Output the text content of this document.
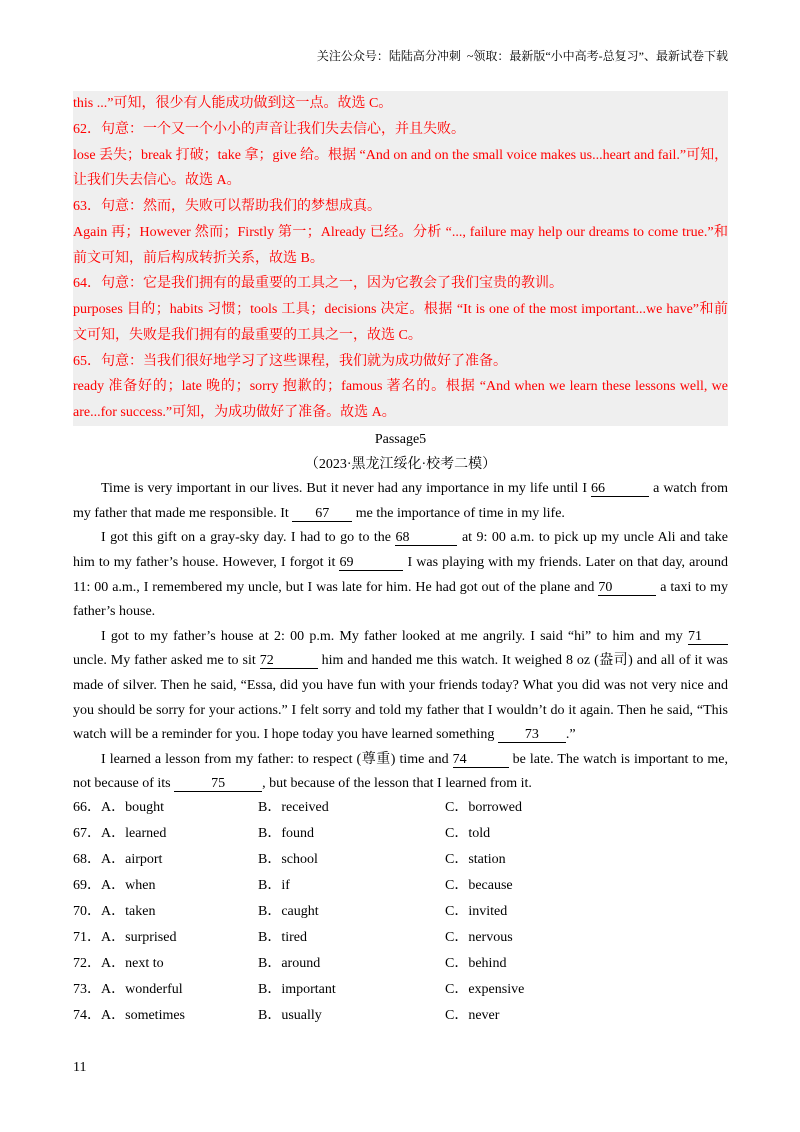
关注公众号：陆陆高分冲刺  ~领取：最新版“小中高考-总复习”、最新试卷下载
this ...”可知，很少有人能成功做到这一点。故选 C。
62．句意：一个又一个小小的声音让我们失去信心，并且失败。
lose 丢失；break 打破；take 拿；give 给。根据 “And on and on the small voice makes us...heart and fail.”可知，
让我们失去信心。故选 A。
63．句意：然而，失败可以帮助我们的梦想成真。
Again 再；However 然而；Firstly 第一；Already 已经。分析 “..., failure may help our dreams to come true.”和
前文可知，前后构成转折关系，故选 B。
64．句意：它是我们拥有的最重要的工具之一，因为它教会了我们宝贵的教训。
purposes 目的；habits 习惯；tools 工具；decisions 决定。根据 “It is one of the most important...we have”和前
文可知，失败是我们拥有的最重要的工具之一，故选 C。
65．句意：当我们很好地学习了这些课程，我们就为成功做好了准备。
ready 准备好的；late 晚的；sorry 抱歉的；famous 著名的。根据 “And when we learn these lessons well, we
are...for success.”可知，为成功做好了准备。故选 A。
Passage5
（2023·黑龙江绥化·校考二模）
Time is very important in our lives. But it never had any importance in my life until I 66	a watch from
my father that made me responsible. It 67 me the importance of time in my life.
I got this gift on a gray-sky day. I had to go to the 68	at 9: 00 a.m. to pick up my uncle Ali and take
him to my father’s house. However, I forgot it 69	I was playing with my friends. Later on that day, around
11: 00 a.m., I remembered my uncle, but I was late for him. He had got out of the plane and 70	a taxi to my
father’s house.
I got to my father’s house at 2: 00 p.m. My father looked at me angrily. I said “hi” to him and my 71
uncle. My father asked me to sit 72	him and handed me this watch. It weighed 8 oz (盎司) and all of it was
made of silver. Then he said, “Essa, did you have fun with your friends today? What you did was not very nice and
you should be sorry for your actions.” I felt sorry and told my father that I wouldn’t do it again. Then he said, “This
watch will be a reminder for you. I hope today you have learned something 73 .”
I learned a lesson from my father: to respect (尊重) time and 74	be late. The watch is important to me,
not because of its	75	, but because of the lesson that I learned from it.
66． A．bought	B．received	C．borrowed
67． A．learned	B．found	C．told
68． A．airport	B．school	C．station
69． A．when	B．if	C．because
70． A．taken	B．caught	C．invited
71． A．surprised	B．tired	C．nervous
72． A．next to	B．around	C．behind
73． A．wonderful	B．important	C．expensive
74． A．sometimes	B．usually	C．never
11
